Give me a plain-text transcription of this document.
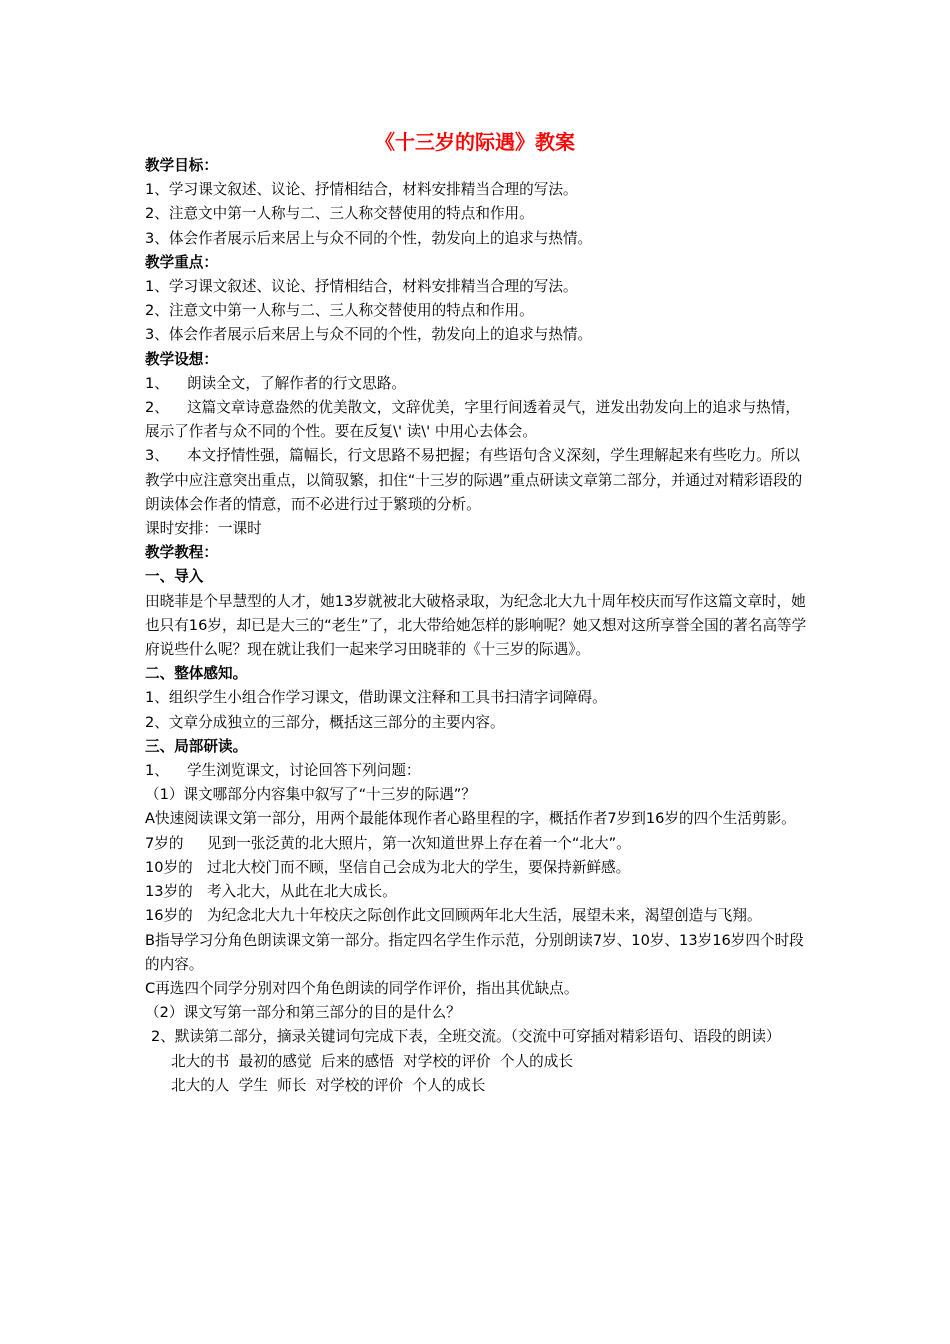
《十三岁的际遇》教案

教学目标：

1、学习课文叙述、议论、抒情相结合，材料安排精当合理的写法。

2、注意文中第一人称与二、三人称交替使用的特点和作用。

3、体会作者展示后来居上与众不同的个性，勃发向上的追求与热情。

教学重点：

1、学习课文叙述、议论、抒情相结合，材料安排精当合理的写法。

2、注意文中第一人称与二、三人称交替使用的特点和作用。

3、体会作者展示后来居上与众不同的个性，勃发向上的追求与热情。

教学设想：

1、 朗读全文，了解作者的行文思路。

2、 这篇文章诗意盎然的优美散文，文辞优美，字里行间透着灵气，迸发出勃发向上的追求与热情，展示了作者与众不同的个性。要在反复\' 读\' 中用心去体会。

3、 本文抒情性强，篇幅长，行文思路不易把握；有些语句含义深刻，学生理解起来有些吃力。所以教学中应注意突出重点，以简驭繁，扣住“十三岁的际遇”重点研读文章第二部分，并通过对精彩语段的朗读体会作者的情意，而不必进行过于繁琐的分析。

课时安排：一课时

教学教程：

一、导入

田晓菲是个早慧型的人才，她13岁就被北大破格录取，为纪念北大九十周年校庆而写作这篇文章时，她也只有16岁，却已是大三的“老生”了，北大带给她怎样的影响呢？她又想对这所享誉全国的著名高等学府说些什么呢？现在就让我们一起来学习田晓菲的《十三岁的际遇》。

二、整体感知。

1、组织学生小组合作学习课文，借助课文注释和工具书扫清字词障碍。

2、文章分成独立的三部分，概括这三部分的主要内容。

三、局部研读。

1、 学生浏览课文，讨论回答下列问题：

（1）课文哪部分内容集中叙写了“十三岁的际遇”？

A快速阅读课文第一部分，用两个最能体现作者心路里程的字，概括作者7岁到16岁的四个生活剪影。

7岁的 见到一张泛黄的北大照片，第一次知道世界上存在着一个“北大”。

10岁的 过北大校门而不顾，坚信自己会成为北大的学生，要保持新鲜感。

13岁的 考入北大，从此在北大成长。

16岁的 为纪念北大九十年校庆之际创作此文回顾两年北大生活，展望未来，渴望创造与飞翔。

B指导学习分角色朗读课文第一部分。指定四名学生作示范，分别朗读7岁、10岁、13岁16岁四个时段的内容。

C再选四个同学分别对四个角色朗读的同学作评价，指出其优缺点。

（2）课文写第一部分和第三部分的目的是什么？

2、默读第二部分，摘录关键词句完成下表，全班交流。（交流中可穿插对精彩语句、语段的朗读）

北大的书  最初的感觉  后来的感悟  对学校的评价  个人的成长

北大的人  学生  师长  对学校的评价  个人的成长
